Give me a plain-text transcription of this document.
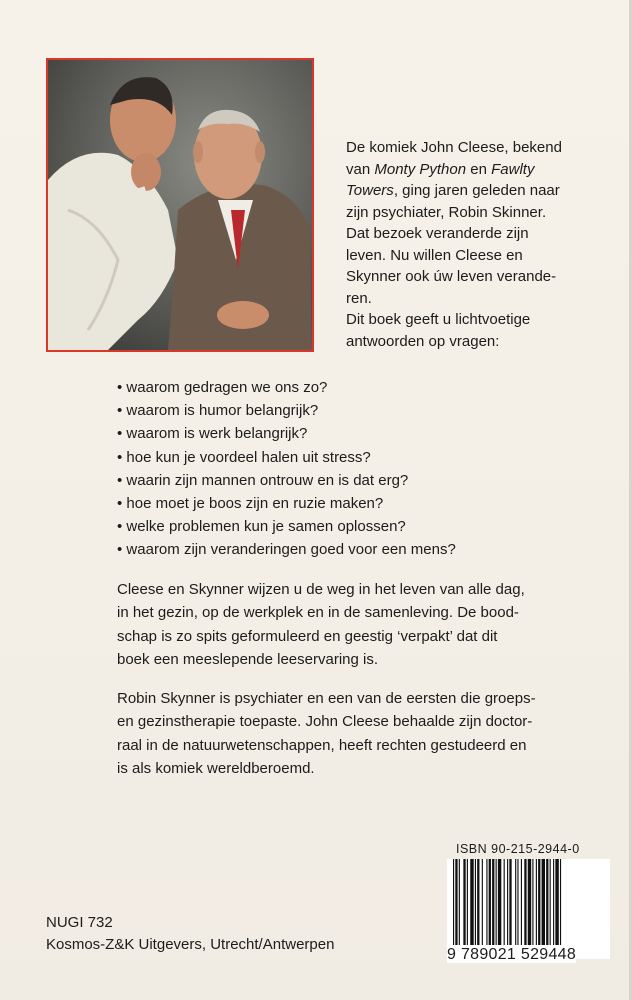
De komiek John Cleese, bekend

van Monty Python en Fawlty

Towers, ging jaren geleden naar

zijn psychiater, Robin Skinner.

Dat bezoek veranderde zijn

leven. Nu willen Cleese en

Skynner ook úw leven verande-

ren.

Dit boek geeft u lichtvoetige

antwoorden op vragen:

• waarom gedragen we ons zo?
• waarom is humor belangrijk?
• waarom is werk belangrijk?
• hoe kun je voordeel halen uit stress?
• waarin zijn mannen ontrouw en is dat erg?
• hoe moet je boos zijn en ruzie maken?
• welke problemen kun je samen oplossen?
• waarom zijn veranderingen goed voor een mens?
Cleese en Skynner wijzen u de weg in het leven van alle dag,
in het gezin, op de werkplek en in de samenleving. De bood-
schap is zo spits geformuleerd en geestig ‘verpakt’ dat dit
boek een meeslepende leeservaring is.
Robin Skynner is psychiater en een van de eersten die groeps-
en gezinstherapie toepaste. John Cleese behaalde zijn doctor-
raal in de natuurwetenschappen, heeft rechten gestudeerd en
is als komiek wereldberoemd.
ISBN 90-215-2944-0
9 789021 529448
NUGI 732
Kosmos-Z&K Uitgevers, Utrecht/Antwerpen
